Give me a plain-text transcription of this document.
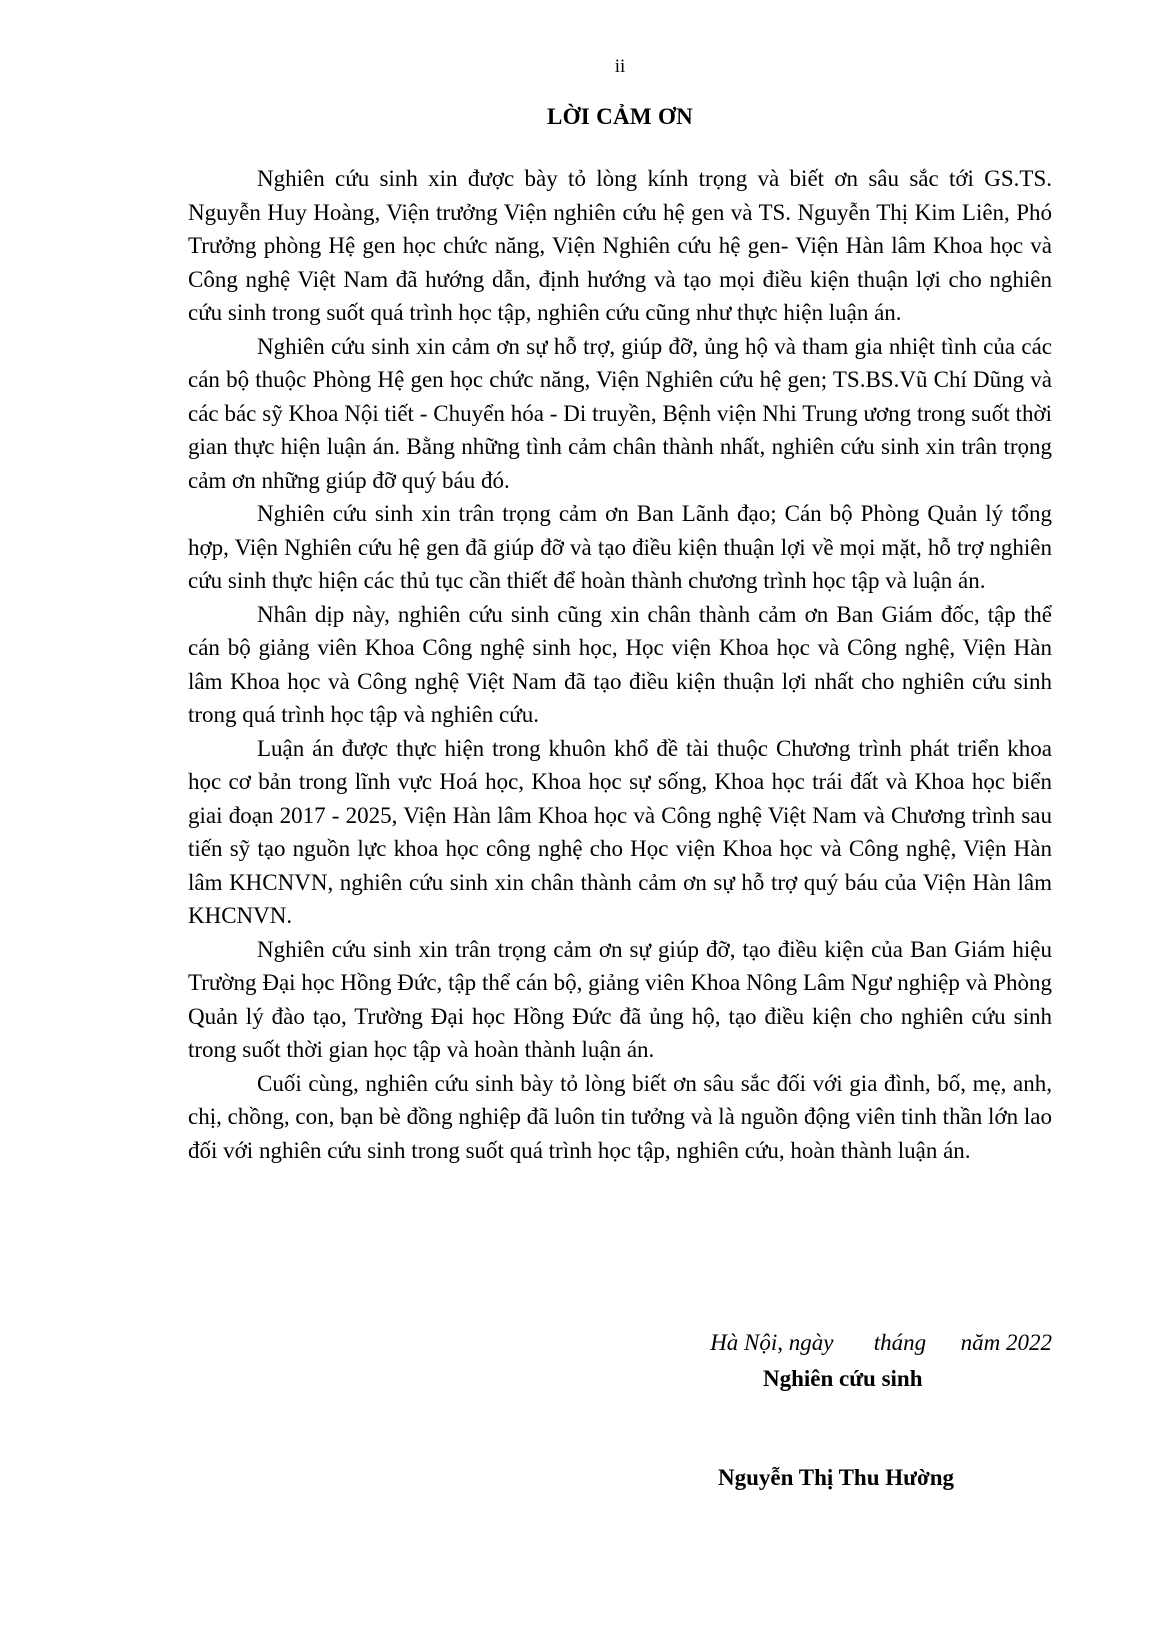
ii
LỜI CẢM ƠN

Nghiên cứu sinh xin được bày tỏ lòng kính trọng và biết ơn sâu sắc tới GS.TS. Nguyễn Huy Hoàng, Viện trưởng Viện nghiên cứu hệ gen và TS. Nguyễn Thị Kim Liên, Phó Trưởng phòng Hệ gen học chức năng, Viện Nghiên cứu hệ gen- Viện Hàn lâm Khoa học và Công nghệ Việt Nam đã hướng dẫn, định hướng và tạo mọi điều kiện thuận lợi cho nghiên cứu sinh trong suốt quá trình học tập, nghiên cứu cũng như thực hiện luận án.

Nghiên cứu sinh xin cảm ơn sự hỗ trợ, giúp đỡ, ủng hộ và tham gia nhiệt tình của các cán bộ thuộc Phòng Hệ gen học chức năng, Viện Nghiên cứu hệ gen; TS.BS.Vũ Chí Dũng và các bác sỹ Khoa Nội tiết - Chuyển hóa - Di truyền, Bệnh viện Nhi Trung ương trong suốt thời gian thực hiện luận án. Bằng những tình cảm chân thành nhất, nghiên cứu sinh xin trân trọng cảm ơn những giúp đỡ quý báu đó.

Nghiên cứu sinh xin trân trọng cảm ơn Ban Lãnh đạo; Cán bộ Phòng Quản lý tổng hợp, Viện Nghiên cứu hệ gen đã giúp đỡ và tạo điều kiện thuận lợi về mọi mặt, hỗ trợ nghiên cứu sinh thực hiện các thủ tục cần thiết để hoàn thành chương trình học tập và luận án.

Nhân dịp này, nghiên cứu sinh cũng xin chân thành cảm ơn Ban Giám đốc, tập thể cán bộ giảng viên Khoa Công nghệ sinh học, Học viện Khoa học và Công nghệ, Viện Hàn lâm Khoa học và Công nghệ Việt Nam đã tạo điều kiện thuận lợi nhất cho nghiên cứu sinh trong quá trình học tập và nghiên cứu.

Luận án được thực hiện trong khuôn khổ đề tài thuộc Chương trình phát triển khoa học cơ bản trong lĩnh vực Hoá học, Khoa học sự sống, Khoa học trái đất và Khoa học biển giai đoạn 2017 - 2025, Viện Hàn lâm Khoa học và Công nghệ Việt Nam và Chương trình sau tiến sỹ tạo nguồn lực khoa học công nghệ cho Học viện Khoa học và Công nghệ, Viện Hàn lâm KHCNVN, nghiên cứu sinh xin chân thành cảm ơn sự hỗ trợ quý báu của Viện Hàn lâm KHCNVN.

Nghiên cứu sinh xin trân trọng cảm ơn sự giúp đỡ, tạo điều kiện của Ban Giám hiệu Trường Đại học Hồng Đức, tập thể cán bộ, giảng viên Khoa Nông Lâm Ngư nghiệp và Phòng Quản lý đào tạo, Trường Đại học Hồng Đức đã ủng hộ, tạo điều kiện cho nghiên cứu sinh trong suốt thời gian học tập và hoàn thành luận án.

Cuối cùng, nghiên cứu sinh bày tỏ lòng biết ơn sâu sắc đối với gia đình, bố, mẹ, anh, chị, chồng, con, bạn bè đồng nghiệp đã luôn tin tưởng và là nguồn động viên tinh thần lớn lao đối với nghiên cứu sinh trong suốt quá trình học tập, nghiên cứu, hoàn thành luận án.

Hà Nội, ngày       tháng      năm 2022
Nghiên cứu sinh
Nguyễn Thị Thu Hường
